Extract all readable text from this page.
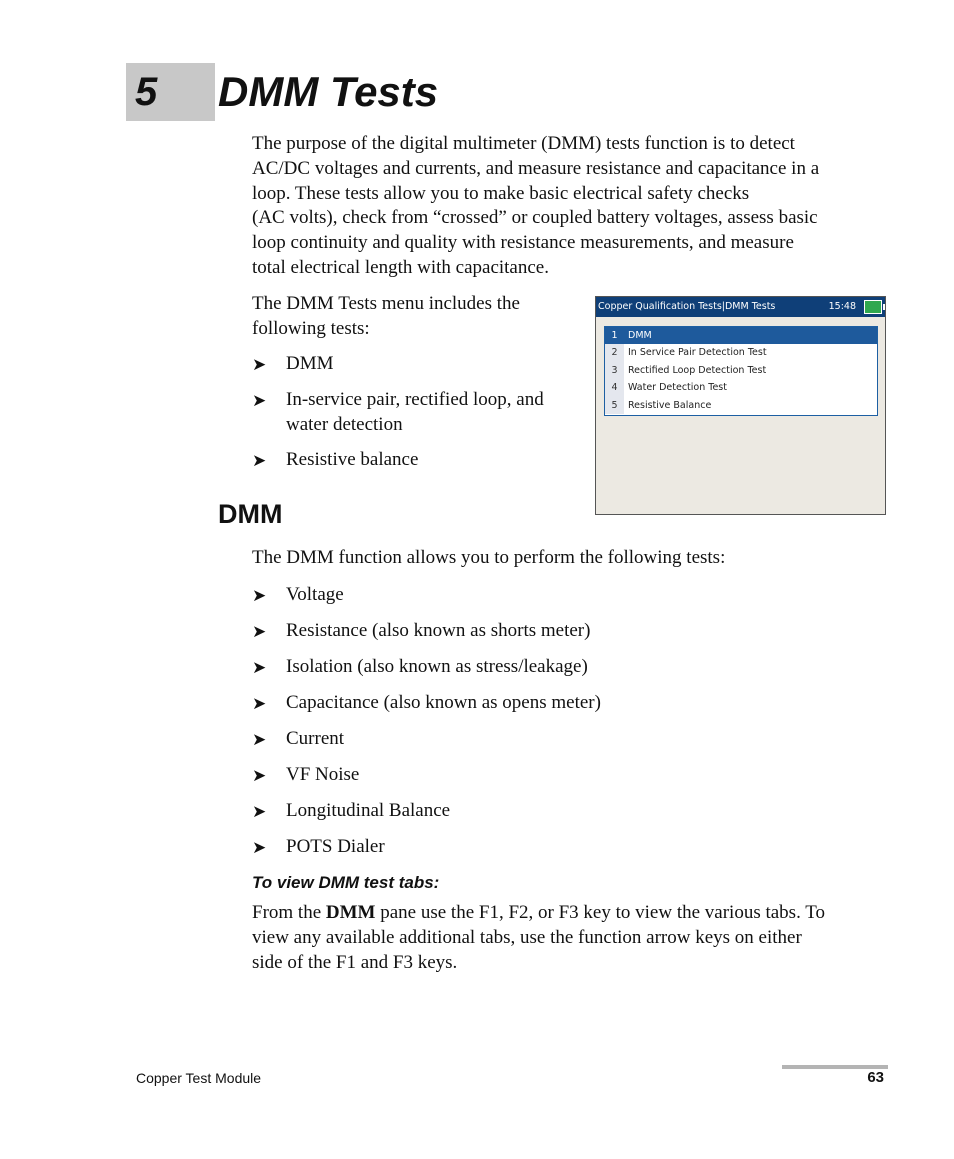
5 DMM Tests
The purpose of the digital multimeter (DMM) tests function is to detect
AC/DC voltages and currents, and measure resistance and capacitance in a
loop. These tests allow you to make basic electrical safety checks
(AC volts), check from “crossed” or coupled battery voltages, assess basic
loop continuity and quality with resistance measurements, and measure
total electrical length with capacitance.
The DMM Tests menu includes the
following tests:
➤ DMM
➤ In-service pair, rectified loop, and
water detection
➤ Resistive balance
Copper Qualification Tests|DMM Tests	15:48
1	DMM
2	In Service Pair Detection Test
3	Rectified Loop Detection Test
4	Water Detection Test
5	Resistive Balance
DMM
The DMM function allows you to perform the following tests:
➤ Voltage
➤ Resistance (also known as shorts meter)
➤ Isolation (also known as stress/leakage)
➤ Capacitance (also known as opens meter)
➤ Current
➤ VF Noise
➤ Longitudinal Balance
➤ POTS Dialer
To view DMM test tabs:
From the DMM pane use the F1, F2, or F3 key to view the various tabs. To
view any available additional tabs, use the function arrow keys on either
side of the F1 and F3 keys.
Copper Test Module	63
